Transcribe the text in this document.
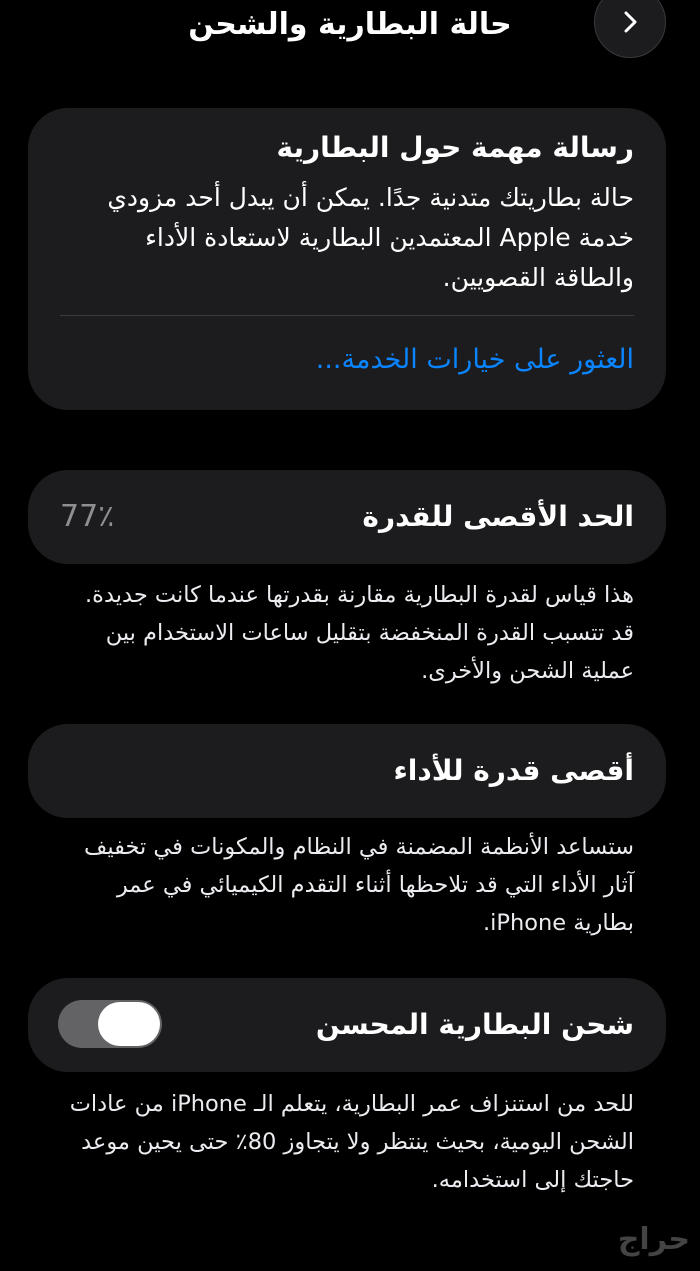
حالة البطارية والشحن
رسالة مهمة حول البطارية
حالة بطاريتك متدنية جدًا. يمكن أن يبدل أحد مزودي خدمة Apple المعتمدين البطارية لاستعادة الأداء والطاقة القصويين.
العثور على خيارات الخدمة...
الحد الأقصى للقدرة
77٪
هذا قياس لقدرة البطارية مقارنة بقدرتها عندما كانت جديدة. قد تتسبب القدرة المنخفضة بتقليل ساعات الاستخدام بين عملية الشحن والأخرى.
أقصى قدرة للأداء
ستساعد الأنظمة المضمنة في النظام والمكونات في تخفيف آثار الأداء التي قد تلاحظها أثناء التقدم الكيميائي في عمر بطارية iPhone.
شحن البطارية المحسن
للحد من استنزاف عمر البطارية، يتعلم الـ iPhone من عادات الشحن اليومية، بحيث ينتظر ولا يتجاوز 80٪ حتى يحين موعد حاجتك إلى استخدامه.
حراج
